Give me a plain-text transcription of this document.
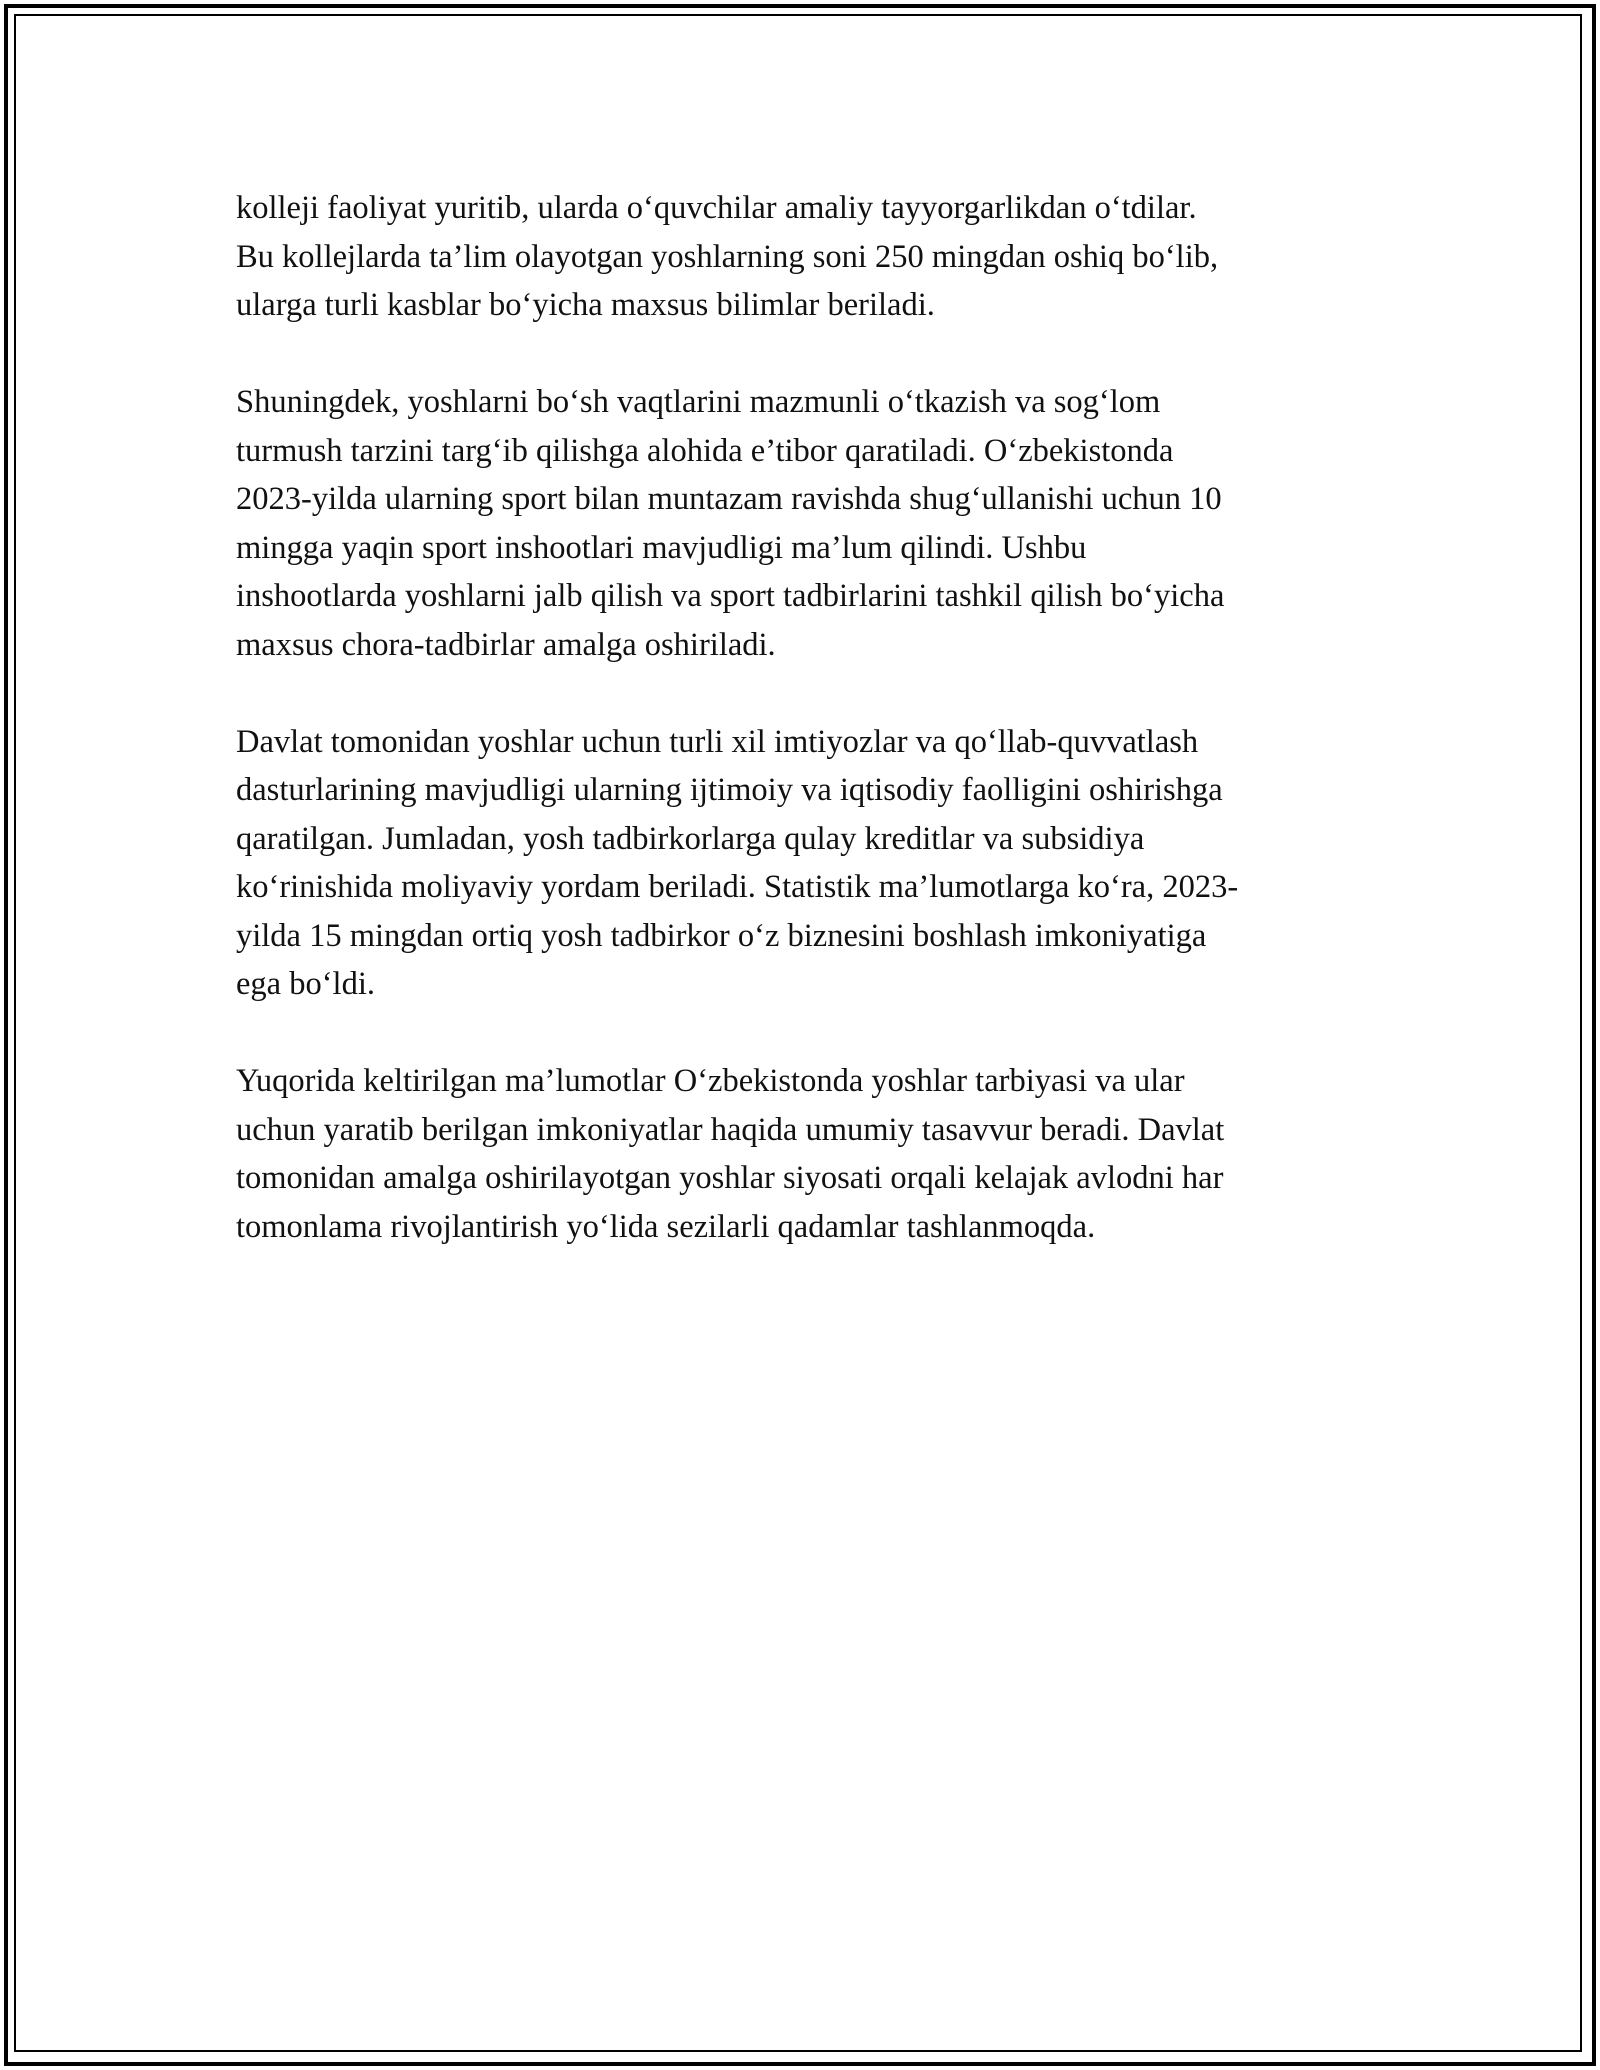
kolleji faoliyat yuritib, ularda o‘quvchilar amaliy tayyorgarlikdan o‘tdilar.
Bu kollejlarda ta’lim olayotgan yoshlarning soni 250 mingdan oshiq bo‘lib,
ularga turli kasblar bo‘yicha maxsus bilimlar beriladi.

Shuningdek, yoshlarni bo‘sh vaqtlarini mazmunli o‘tkazish va sog‘lom
turmush tarzini targ‘ib qilishga alohida e’tibor qaratiladi. O‘zbekistonda
2023-yilda ularning sport bilan muntazam ravishda shug‘ullanishi uchun 10
mingga yaqin sport inshootlari mavjudligi ma’lum qilindi. Ushbu
inshootlarda yoshlarni jalb qilish va sport tadbirlarini tashkil qilish bo‘yicha
maxsus chora-tadbirlar amalga oshiriladi.

Davlat tomonidan yoshlar uchun turli xil imtiyozlar va qo‘llab-quvvatlash
dasturlarining mavjudligi ularning ijtimoiy va iqtisodiy faolligini oshirishga
qaratilgan. Jumladan, yosh tadbirkorlarga qulay kreditlar va subsidiya
ko‘rinishida moliyaviy yordam beriladi. Statistik ma’lumotlarga ko‘ra, 2023-
yilda 15 mingdan ortiq yosh tadbirkor o‘z biznesini boshlash imkoniyatiga
ega bo‘ldi.

Yuqorida keltirilgan ma’lumotlar O‘zbekistonda yoshlar tarbiyasi va ular
uchun yaratib berilgan imkoniyatlar haqida umumiy tasavvur beradi. Davlat
tomonidan amalga oshirilayotgan yoshlar siyosati orqali kelajak avlodni har
tomonlama rivojlantirish yo‘lida sezilarli qadamlar tashlanmoqda.
